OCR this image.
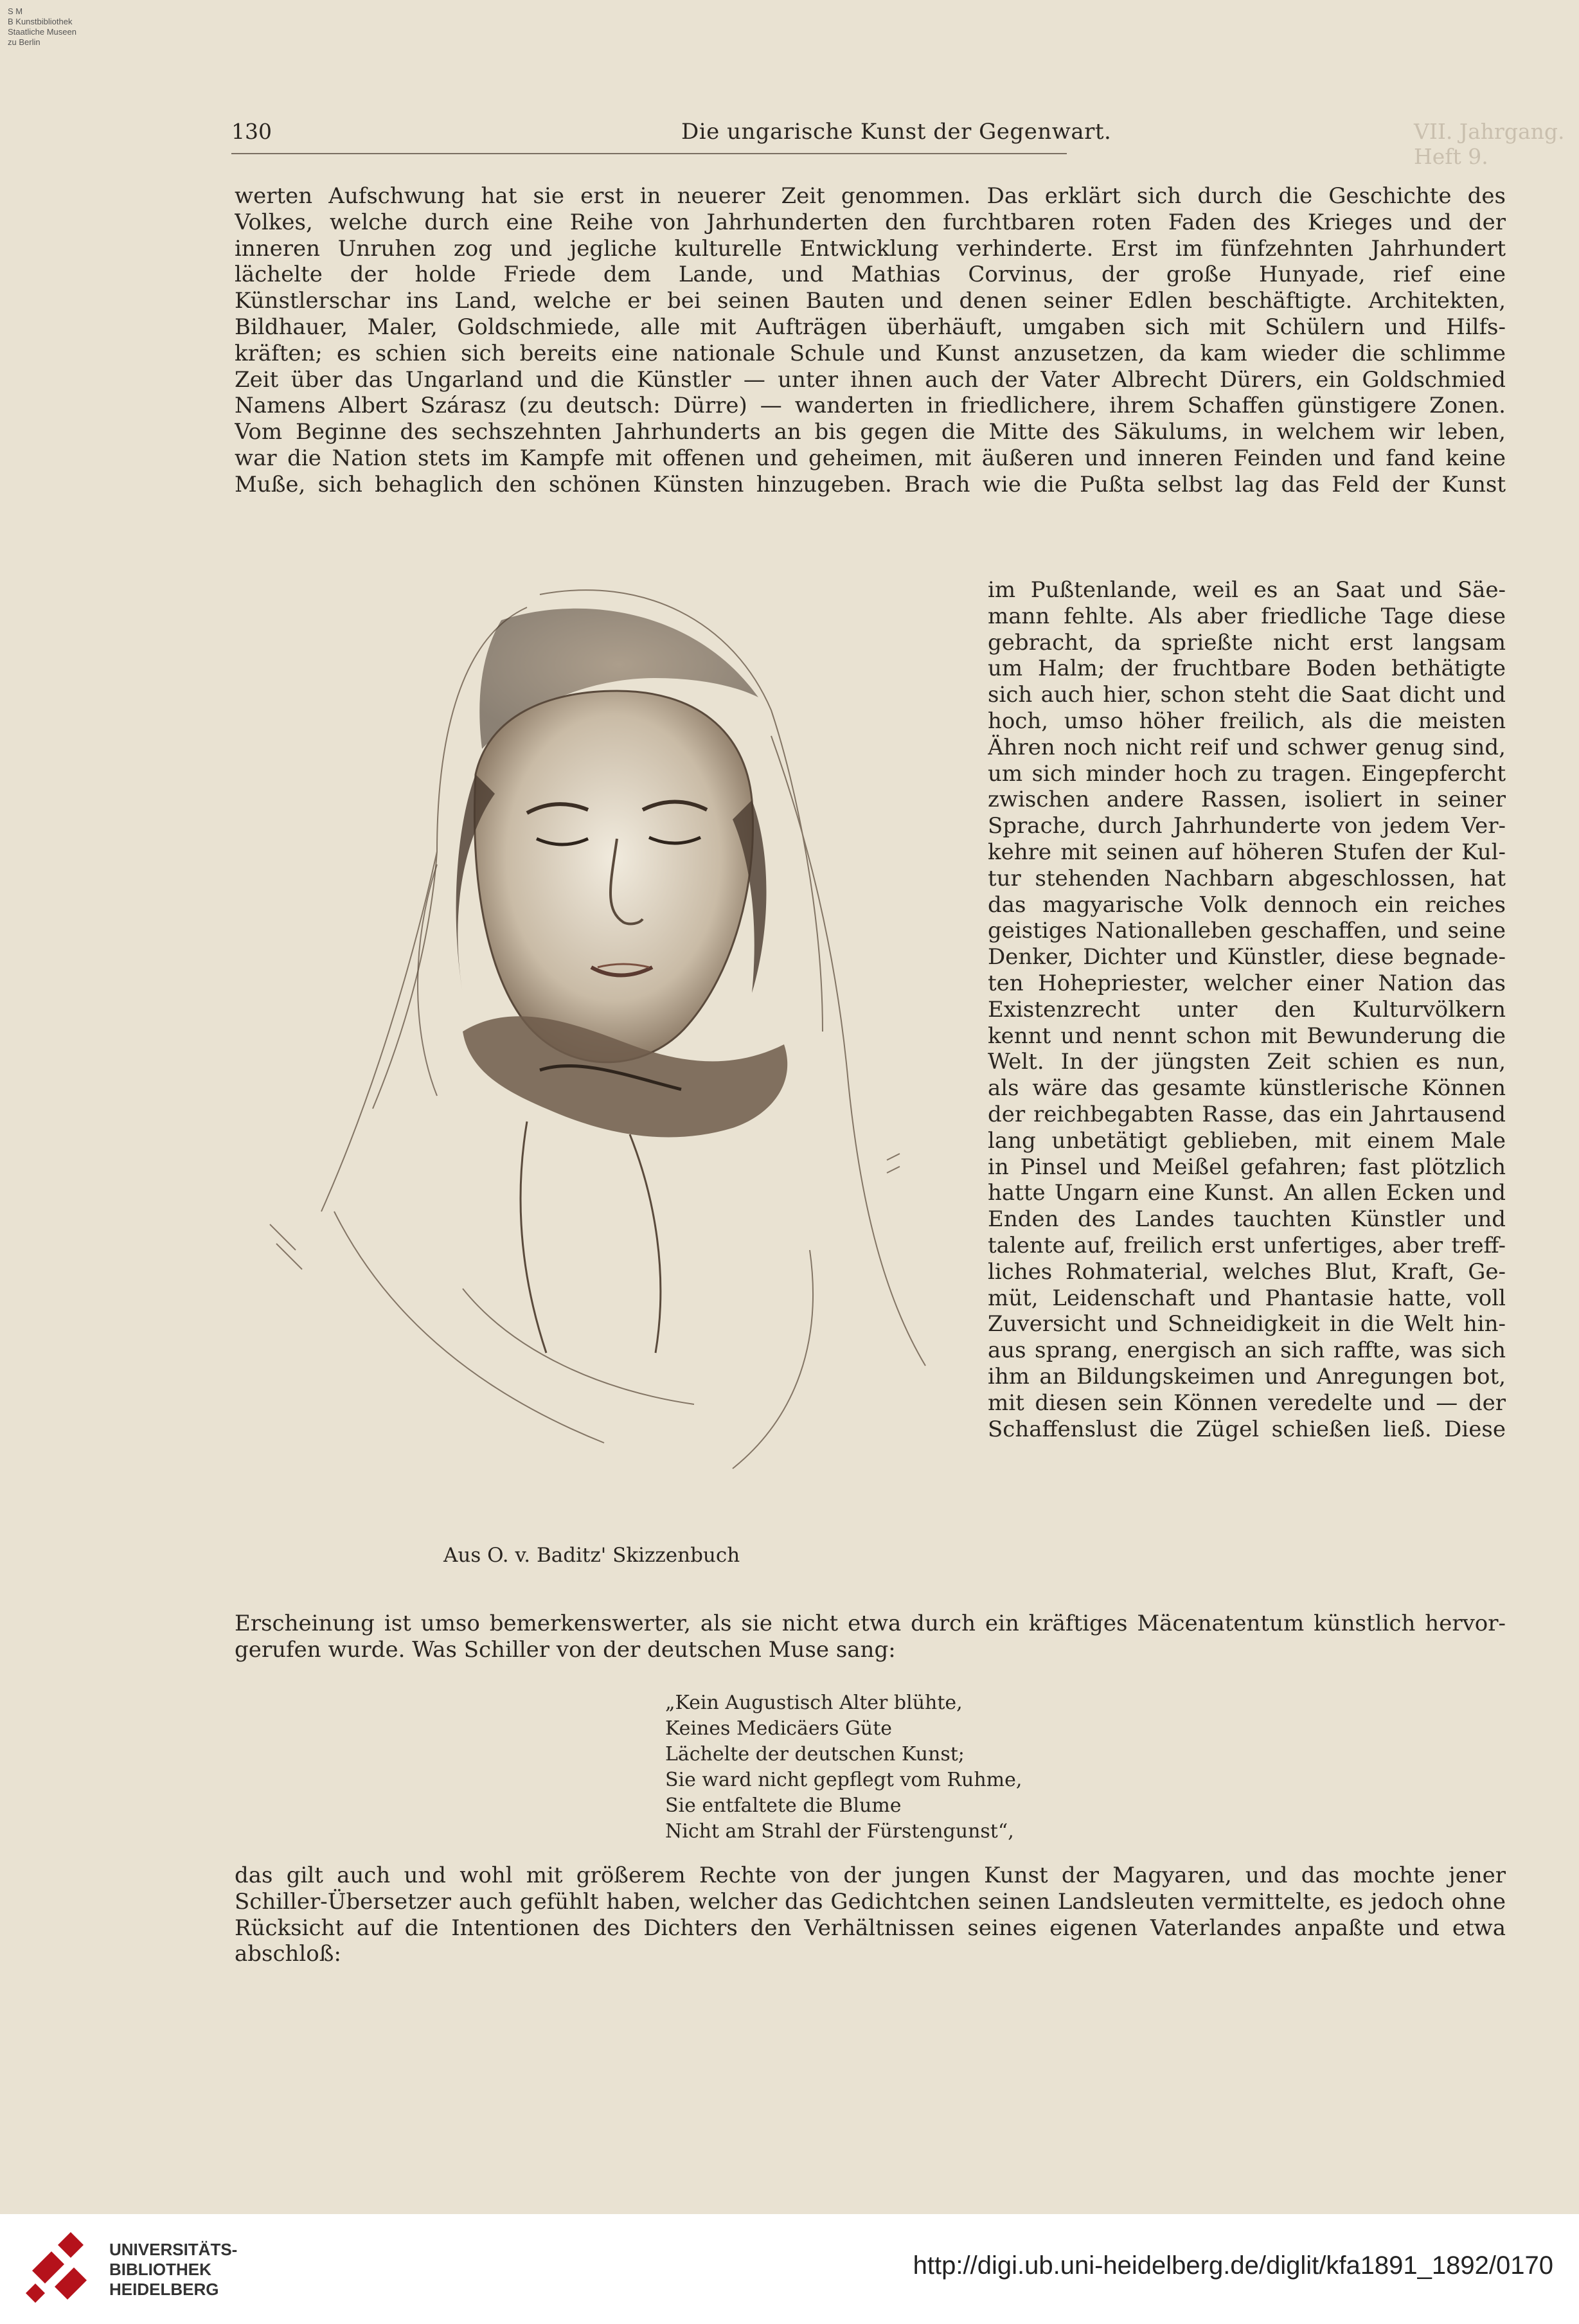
S M
B Kunstbibliothek
Staatliche Museen
zu Berlin
130	Die ungarische Kunst der Gegenwart.	VII. Jahrgang. Heft 9.
werten Aufschwung hat sie erst in neuerer Zeit genommen. Das erklärt sich durch die Geschichte des
Volkes, welche durch eine Reihe von Jahrhunderten den furchtbaren roten Faden des Krieges und der
inneren Unruhen zog und jegliche kulturelle Entwicklung verhinderte. Erst im fünfzehnten Jahrhundert
lächelte der holde Friede dem Lande, und Mathias Corvinus, der große Hunyade, rief eine
Künstlerschar ins Land, welche er bei seinen Bauten und denen seiner Edlen beschäftigte. Architekten,
Bildhauer, Maler, Goldschmiede, alle mit Aufträgen überhäuft, umgaben sich mit Schülern und Hilfs-
kräften; es schien sich bereits eine nationale Schule und Kunst anzusetzen, da kam wieder die schlimme
Zeit über das Ungarland und die Künstler — unter ihnen auch der Vater Albrecht Dürers, ein Goldschmied
Namens Albert Szárasz (zu deutsch: Dürre) — wanderten in friedlichere, ihrem Schaffen günstigere Zonen.
Vom Beginne des sechszehnten Jahrhunderts an bis gegen die Mitte des Säkulums, in welchem wir leben,
war die Nation stets im Kampfe mit offenen und geheimen, mit äußeren und inneren Feinden und fand keine
Muße, sich behaglich den schönen Künsten hinzugeben. Brach wie die Pußta selbst lag das Feld der Kunst
im Pußtenlande, weil es an Saat und Säe-
mann fehlte. Als aber friedliche Tage diese
gebracht, da sprießte nicht erst langsam
um Halm; der fruchtbare Boden bethätigte
sich auch hier, schon steht die Saat dicht und
hoch, umso höher freilich, als die meisten
Ähren noch nicht reif und schwer genug sind,
um sich minder hoch zu tragen. Eingepfercht
zwischen andere Rassen, isoliert in seiner
Sprache, durch Jahrhunderte von jedem Ver-
kehre mit seinen auf höheren Stufen der Kul-
tur stehenden Nachbarn abgeschlossen, hat
das magyarische Volk dennoch ein reiches
geistiges Nationalleben geschaffen, und seine
Denker, Dichter und Künstler, diese begnade-
ten Hohepriester, welcher einer Nation das
Existenzrecht unter den Kulturvölkern
kennt und nennt schon mit Bewunderung die
Welt. In der jüngsten Zeit schien es nun,
als wäre das gesamte künstlerische Können
der reichbegabten Rasse, das ein Jahrtausend
lang unbetätigt geblieben, mit einem Male
in Pinsel und Meißel gefahren; fast plötzlich
hatte Ungarn eine Kunst. An allen Ecken und
Enden des Landes tauchten Künstler und
talente auf, freilich erst unfertiges, aber treff-
liches Rohmaterial, welches Blut, Kraft, Ge-
müt, Leidenschaft und Phantasie hatte, voll
Zuversicht und Schneidigkeit in die Welt hin-
aus sprang, energisch an sich raffte, was sich
ihm an Bildungskeimen und Anregungen bot,
mit diesen sein Können veredelte und — der
Schaffenslust die Zügel schießen ließ. Diese
Aus O. v. Baditz' Skizzenbuch
Erscheinung ist umso bemerkenswerter, als sie nicht etwa durch ein kräftiges Mäcenatentum künstlich hervor-
gerufen wurde. Was Schiller von der deutschen Muse sang:
„Kein Augustisch Alter blühte,
Keines Medicäers Güte
Lächelte der deutschen Kunst;
Sie ward nicht gepflegt vom Ruhme,
Sie entfaltete die Blume
Nicht am Strahl der Fürstengunst“,
das gilt auch und wohl mit größerem Rechte von der jungen Kunst der Magyaren, und das mochte jener
Schiller-Übersetzer auch gefühlt haben, welcher das Gedichtchen seinen Landsleuten vermittelte, es jedoch ohne
Rücksicht auf die Intentionen des Dichters den Verhältnissen seines eigenen Vaterlandes anpaßte und etwa
abschloß:
UNIVERSITÄTS-
BIBLIOTHEK
HEIDELBERG
http://digi.ub.uni-heidelberg.de/diglit/kfa1891_1892/0170
